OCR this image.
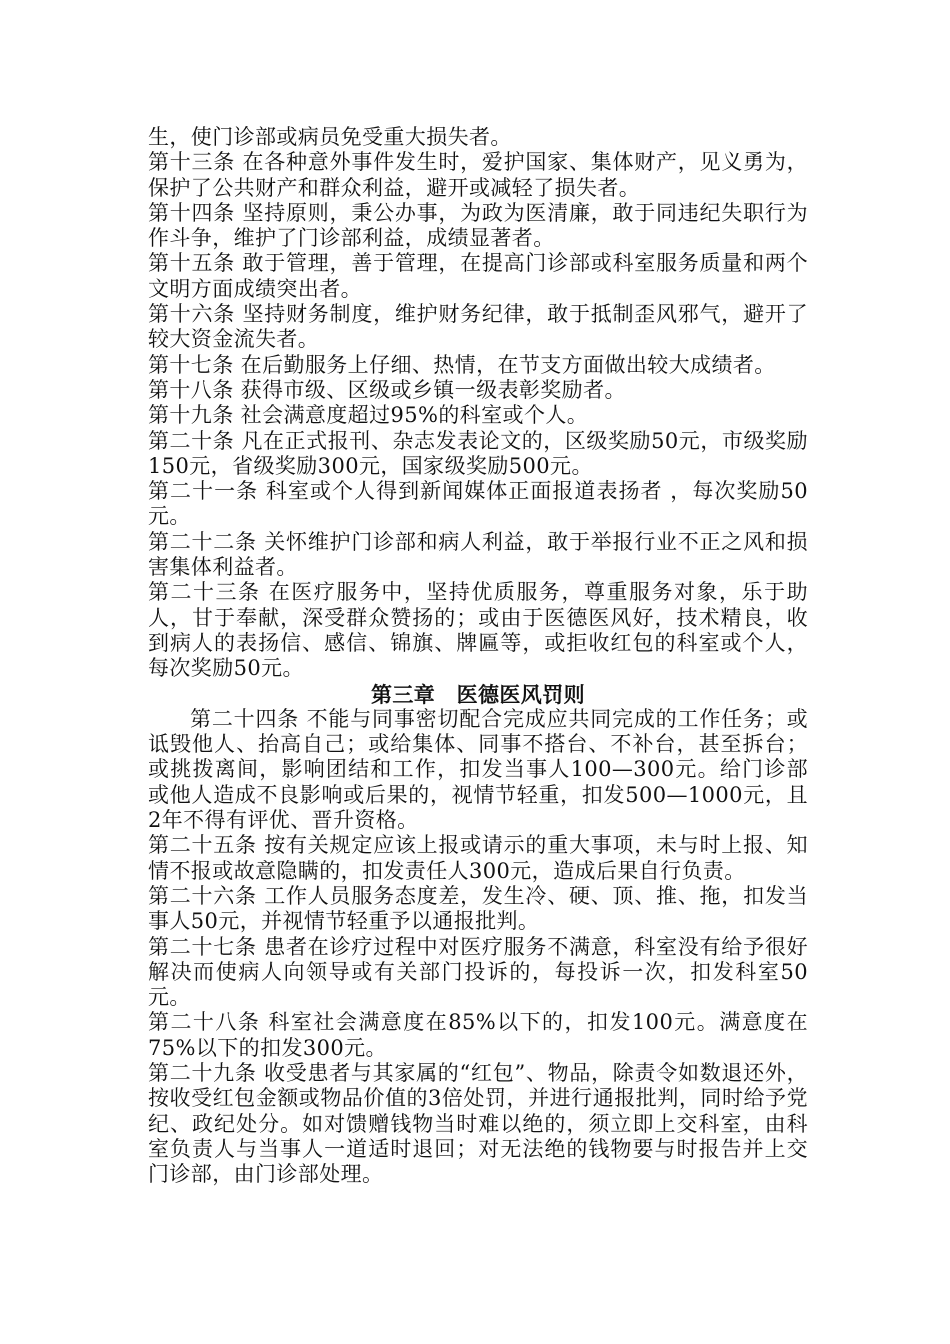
生，使门诊部或病员免受重大损失者。

第十三条 在各种意外事件发生时，爱护国家、集体财产，见义勇为，保护了公共财产和群众利益，避开或减轻了损失者。

第十四条 坚持原则，秉公办事，为政为医清廉，敢于同违纪失职行为作斗争，维护了门诊部利益，成绩显著者。

第十五条 敢于管理，善于管理，在提高门诊部或科室服务质量和两个文明方面成绩突出者。

第十六条 坚持财务制度，维护财务纪律，敢于抵制歪风邪气，避开了较大资金流失者。

第十七条 在后勤服务上仔细、热情，在节支方面做出较大成绩者。

第十八条 获得市级、区级或乡镇一级表彰奖励者。

第十九条 社会满意度超过95%的科室或个人。

第二十条 凡在正式报刊、杂志发表论文的，区级奖励50元，市级奖励150元，省级奖励300元，国家级奖励500元。

第二十一条 科室或个人得到新闻媒体正面报道表扬者 ，每次奖励50元。

第二十二条 关怀维护门诊部和病人利益，敢于举报行业不正之风和损害集体利益者。

第二十三条 在医疗服务中，坚持优质服务，尊重服务对象，乐于助人，甘于奉献，深受群众赞扬的；或由于医德医风好，技术精良，收到病人的表扬信、感信、锦旗、牌匾等，或拒收红包的科室或个人，每次奖励50元。

第三章　医德医风罚则

第二十四条 不能与同事密切配合完成应共同完成的工作任务；或诋毁他人、抬高自己；或给集体、同事不搭台、不补台，甚至拆台；或挑拨离间，影响团结和工作，扣发当事人100—300元。给门诊部或他人造成不良影响或后果的，视情节轻重，扣发500—1000元，且2年不得有评优、晋升资格。

第二十五条 按有关规定应该上报或请示的重大事项，未与时上报、知情不报或故意隐瞒的，扣发责任人300元，造成后果自行负责。

第二十六条 工作人员服务态度差，发生冷、硬、顶、推、拖，扣发当事人50元，并视情节轻重予以通报批判。

第二十七条 患者在诊疗过程中对医疗服务不满意，科室没有给予很好解决而使病人向领导或有关部门投诉的，每投诉一次，扣发科室50元。

第二十八条 科室社会满意度在85%以下的，扣发100元。满意度在75%以下的扣发300元。

第二十九条 收受患者与其家属的“红包”、物品，除责令如数退还外，按收受红包金额或物品价值的3倍处罚，并进行通报批判，同时给予党纪、政纪处分。如对馈赠钱物当时难以绝的，须立即上交科室，由科室负责人与当事人一道适时退回；对无法绝的钱物要与时报告并上交门诊部，由门诊部处理。
